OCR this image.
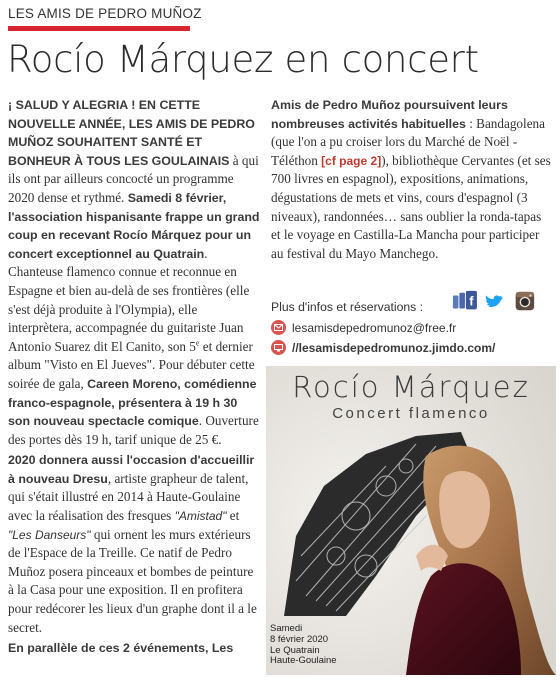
LES AMIS DE PEDRO MUÑOZ
Rocío Márquez en concert

¡ SALUD Y ALEGRIA ! EN CETTE NOUVELLE ANNÉE, LES AMIS DE PEDRO MUÑOZ SOUHAITENT SANTÉ ET BONHEUR À TOUS LES GOULAINAIS à qui ils ont par ailleurs concocté un programme 2020 dense et rythmé. Samedi 8 février, l'association hispanisante frappe un grand coup en recevant Rocío Márquez pour un concert exceptionnel au Quatrain. Chanteuse flamenco connue et reconnue en Espagne et bien au-delà de ses frontières (elle s'est déjà produite à l'Olympia), elle interprètera, accompagnée du guitariste Juan Antonio Suarez dit El Canito, son 5e et dernier album "Visto en El Jueves". Pour débuter cette soirée de gala, Careen Moreno, comédienne franco-espagnole, présentera à 19 h 30 son nouveau spectacle comique. Ouverture des portes dès 19 h, tarif unique de 25 €.

2020 donnera aussi l'occasion d'accueillir à nouveau Dresu, artiste grapheur de talent, qui s'était illustré en 2014 à Haute-Goulaine avec la réalisation des fresques "Amistad" et "Les Danseurs" qui ornent les murs extérieurs de l'Espace de la Treille. Ce natif de Pedro Muñoz posera pinceaux et bombes de peinture à la Casa pour une exposition. Il en profitera pour redécorer les lieux d'un graphe dont il a le secret.

En parallèle de ces 2 événements, Les

Amis de Pedro Muñoz poursuivent leurs nombreuses activités habituelles : Bandagolena (que l'on a pu croiser lors du Marché de Noël - Téléthon [cf page 2]), bibliothèque Cervantes (et ses 700 livres en espagnol), expositions, animations, dégustations de mets et vins, cours d'espagnol (3 niveaux), randonnées… sans oublier la ronda-tapas et le voyage en Castilla-La Mancha pour participer au festival du Mayo Manchego.

Plus d'infos et réservations :	f
lesamisdepedromunoz@free.fr
//lesamisdepedromunoz.jimdo.com/
Rocío Márquez
Concert flamenco
Samedi
8 février 2020
Le Quatrain
Haute-Goulaine
